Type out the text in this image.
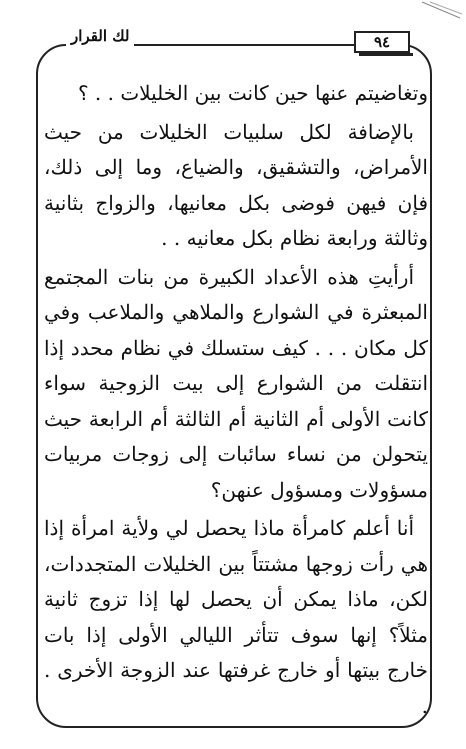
لك القرار	٩٤

وتغاضيتم عنها حين كانت بين الخليلات . . ؟

بالإضافة لكل سلبيات الخليلات من حيث الأمراض، والتشقيق، والضياع، وما إلى ذلك، فإن فيهن فوضى بكل معانيها، والزواج بثانية وثالثة ورابعة نظام بكل معانيه . .

أرأيتِ هذه الأعداد الكبيرة من بنات المجتمع المبعثرة في الشوارع والملاهي والملاعب وفي كل مكان . . . كيف ستسلك في نظام محدد إذا انتقلت من الشوارع إلى بيت الزوجية سواء كانت الأولى أم الثانية أم الثالثة أم الرابعة حيث يتحولن من نساء سائبات إلى زوجات مربيات مسؤولات ومسؤول عنهن؟

أنا أعلم كامرأة ماذا يحصل لي ولأية امرأة إذا هي رأت زوجها مشتتاً بين الخليلات المتجددات، لكن، ماذا يمكن أن يحصل لها إذا تزوج ثانية مثلاً؟ إنها سوف تتأثر الليالي الأولى إذا بات خارج بيتها أو خارج غرفتها عند الزوجة الأخرى . .
